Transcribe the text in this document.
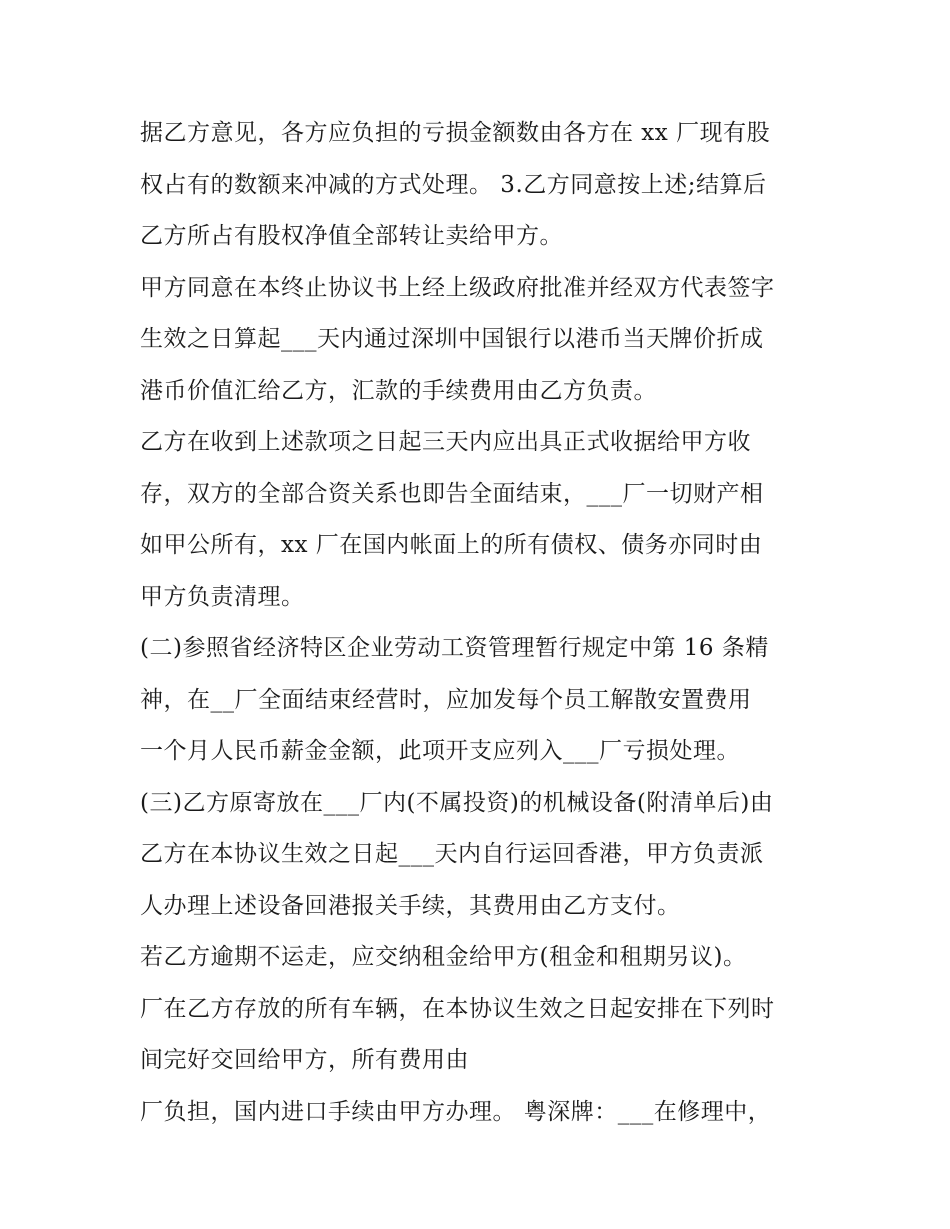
据乙方意见，各方应负担的亏损金额数由各方在 xx 厂现有股
权占有的数额来冲减的方式处理。 3.乙方同意按上述;结算后
乙方所占有股权净值全部转让卖给甲方。
甲方同意在本终止协议书上经上级政府批准并经双方代表签字
生效之日算起___天内通过深圳中国银行以港币当天牌价折成
港币价值汇给乙方，汇款的手续费用由乙方负责。
乙方在收到上述款项之日起三天内应出具正式收据给甲方收
存，双方的全部合资关系也即告全面结束，___厂一切财产相
如甲公所有，xx 厂在国内帐面上的所有债权、债务亦同时由
甲方负责清理。
(二)参照省经济特区企业劳动工资管理暂行规定中第 16 条精
神，在__厂全面结束经营时，应加发每个员工解散安置费用
一个月人民币薪金金额，此项开支应列入___厂亏损处理。
(三)乙方原寄放在___厂内(不属投资)的机械设备(附清单后)由
乙方在本协议生效之日起___天内自行运回香港，甲方负责派
人办理上述设备回港报关手续，其费用由乙方支付。
若乙方逾期不运走，应交纳租金给甲方(租金和租期另议)。
厂在乙方存放的所有车辆，在本协议生效之日起安排在下列时
间完好交回给甲方，所有费用由
厂负担，国内进口手续由甲方办理。 粤深牌：___在修理中，
